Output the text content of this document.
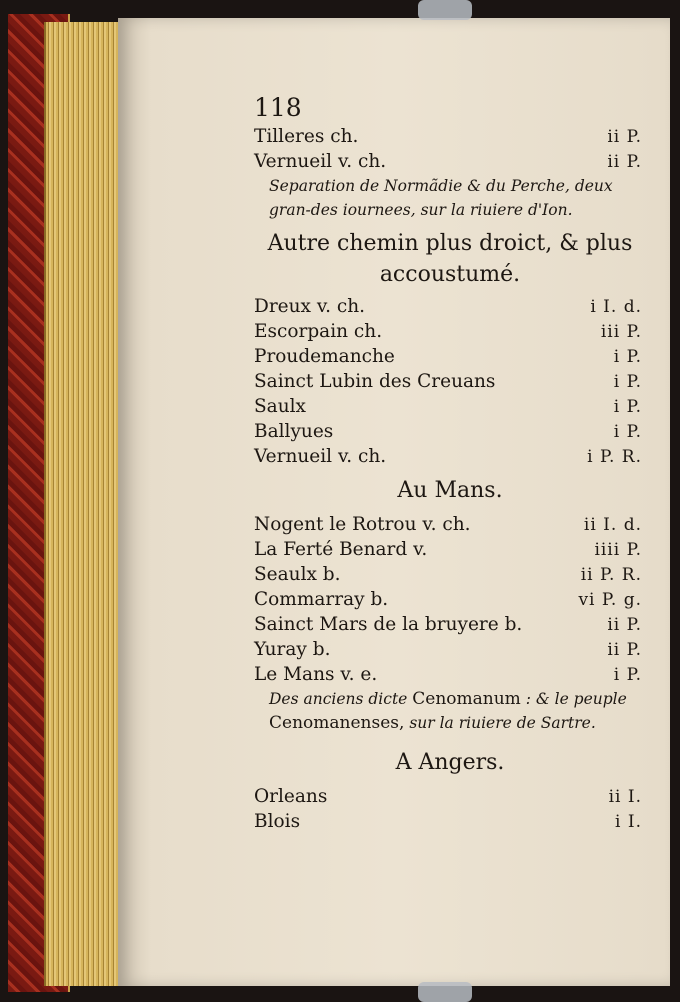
118
Tilleres ch.	ii P.
Vernueil v. ch.	ii P.
Separation de Normãdie & du Perche, deux gran-des iournees, sur la riuiere d'Ion.
Autre chemin plus droict, & plus accoustumé.
Dreux v. ch.	i I. d.
Escorpain ch.	iii P.
Proudemanche	i P.
Sainct Lubin des Creuans	i P.
Saulx	i P.
Ballyues	i P.
Vernueil v. ch.	i P. R.
Au Mans.
Nogent le Rotrou v. ch.	ii I. d.
La Ferté Benard v.	iiii P.
Seaulx b.	ii P. R.
Commarray b.	vi P. g.
Sainct Mars de la bruyere b.	ii P.
Yuray b.	ii P.
Le Mans v. e.	i P.
Des anciens dicte Cenomanum : & le peuple
Cenomanenses, sur la riuiere de Sartre.
A Angers.
Orleans	ii I.
Blois	i I.
